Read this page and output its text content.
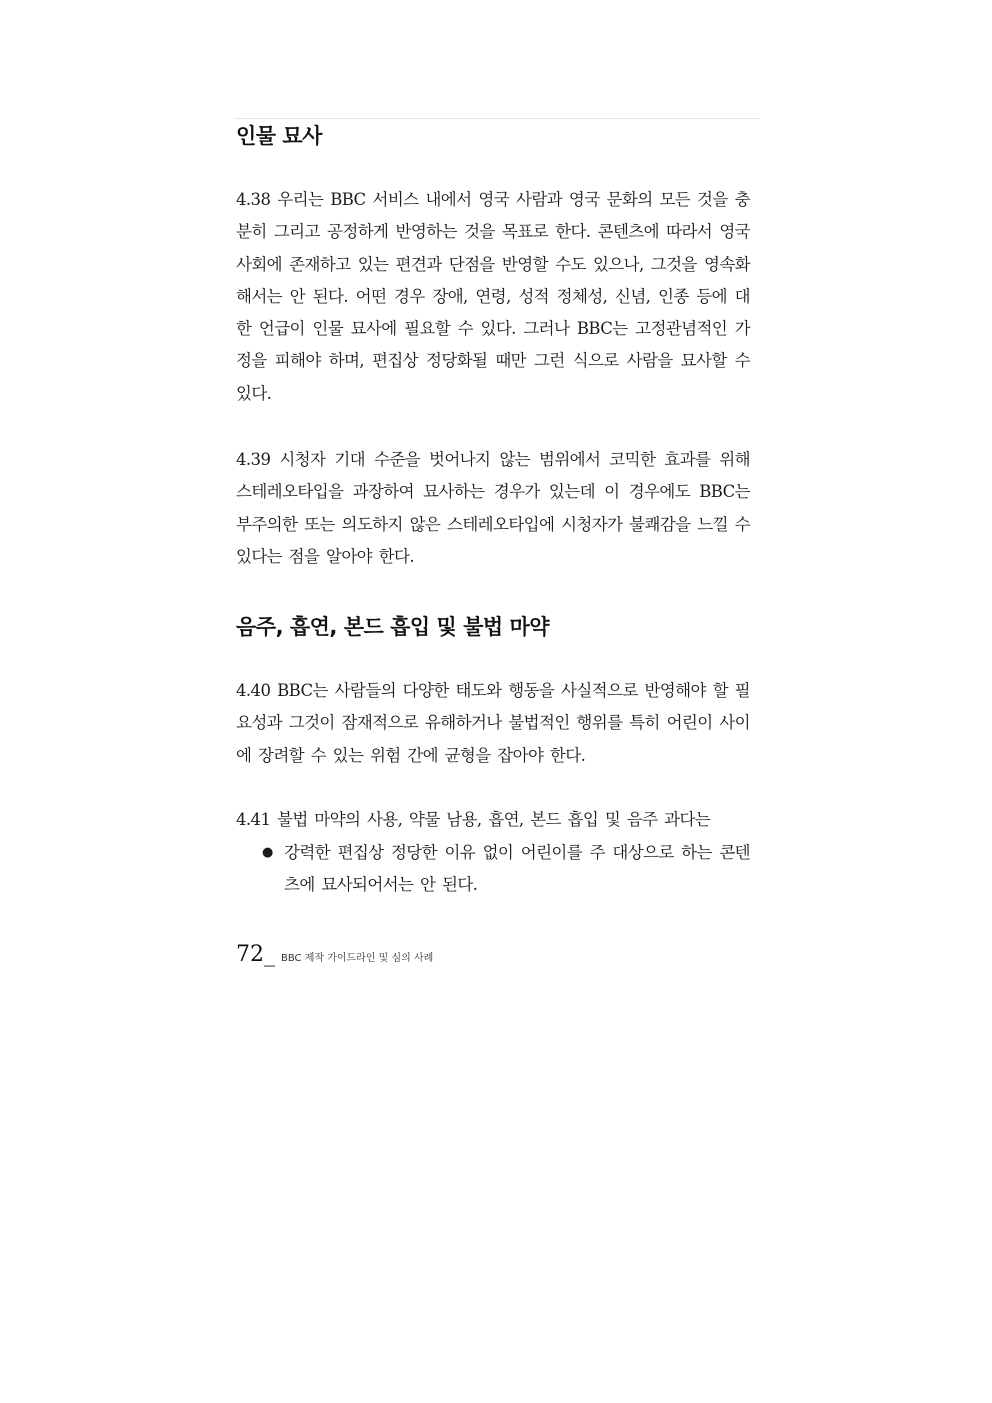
인물 묘사

4.38 우리는 BBC 서비스 내에서 영국 사람과 영국 문화의 모든 것을 충분히 그리고 공정하게 반영하는 것을 목표로 한다. 콘텐츠에 따라서 영국 사회에 존재하고 있는 편견과 단점을 반영할 수도 있으나, 그것을 영속화해서는 안 된다. 어떤 경우 장애, 연령, 성적 정체성, 신념, 인종 등에 대한 언급이 인물 묘사에 필요할 수 있다. 그러나 BBC는 고정관념적인 가정을 피해야 하며, 편집상 정당화될 때만 그런 식으로 사람을 묘사할 수 있다.

4.39 시청자 기대 수준을 벗어나지 않는 범위에서 코믹한 효과를 위해 스테레오타입을 과장하여 묘사하는 경우가 있는데 이 경우에도 BBC는 부주의한 또는 의도하지 않은 스테레오타입에 시청자가 불쾌감을 느낄 수 있다는 점을 알아야 한다.

음주, 흡연, 본드 흡입 및 불법 마약

4.40 BBC는 사람들의 다양한 태도와 행동을 사실적으로 반영해야 할 필요성과 그것이 잠재적으로 유해하거나 불법적인 행위를 특히 어린이 사이에 장려할 수 있는 위험 간에 균형을 잡아야 한다.

4.41 불법 마약의 사용, 약물 남용, 흡연, 본드 흡입 및 음주 과다는

● 강력한 편집상 정당한 이유 없이 어린이를 주 대상으로 하는 콘텐츠에 묘사되어서는 안 된다.
72_ BBC 제작 가이드라인 및 심의 사례
